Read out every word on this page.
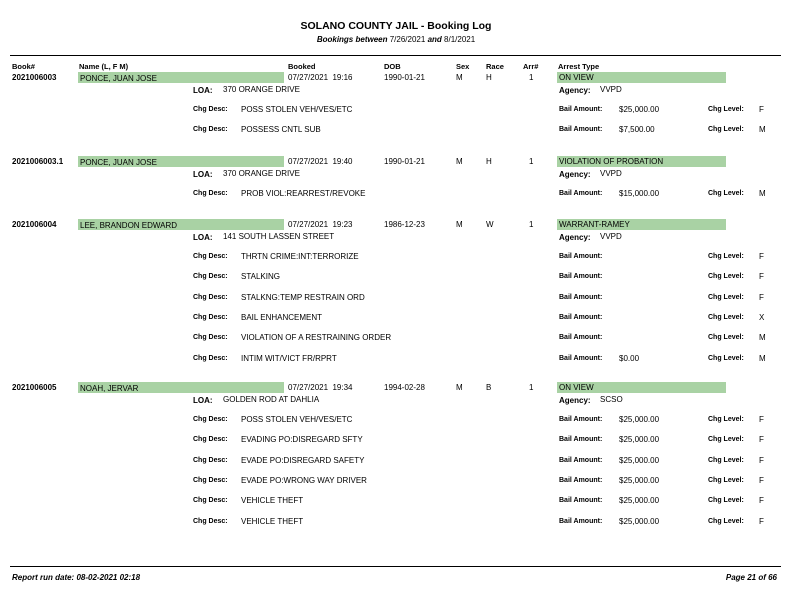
SOLANO COUNTY JAIL - Booking Log
Bookings between 7/26/2021 and 8/1/2021
Book#	Name (L, F M)	Booked	DOB	Sex Race	Arr#	Arrest Type
2021006003	PONCE, JUAN JOSE	07/27/2021  19:16	1990-01-21	M	H	1	ON VIEW
LOA: 370 ORANGE DRIVE	Agency: VVPD
Chg Desc: POSS STOLEN VEH/VES/ETC	Bail Amount: $25,000.00	Chg Level: F
Chg Desc: POSSESS CNTL SUB	Bail Amount: $7,500.00	Chg Level: M
2021006003.1 PONCE, JUAN JOSE	07/27/2021  19:40	1990-01-21	M	H	1	VIOLATION OF PROBATION
LOA: 370 ORANGE DRIVE	Agency: VVPD
Chg Desc: PROB VIOL:REARREST/REVOKE	Bail Amount: $15,000.00	Chg Level: M
2021006004	LEE, BRANDON EDWARD	07/27/2021  19:23	1986-12-23	M	W	1	WARRANT-RAMEY
LOA: 141 SOUTH LASSEN STREET	Agency: VVPD
Chg Desc: THRTN CRIME:INT:TERRORIZE	Bail Amount:	Chg Level: F
Chg Desc: STALKING	Bail Amount:	Chg Level: F
Chg Desc: STALKNG:TEMP RESTRAIN ORD	Bail Amount:	Chg Level: F
Chg Desc: BAIL ENHANCEMENT	Bail Amount:	Chg Level: X
Chg Desc: VIOLATION OF A RESTRAINING ORDER	Bail Amount:	Chg Level: M
Chg Desc: INTIM WIT/VICT FR/RPRT	Bail Amount: $0.00	Chg Level: M
2021006005	NOAH, JERVAR	07/27/2021  19:34	1994-02-28	M	B	1	ON VIEW
LOA: GOLDEN ROD AT DAHLIA	Agency: SCSO
Chg Desc: POSS STOLEN VEH/VES/ETC	Bail Amount: $25,000.00	Chg Level: F
Chg Desc: EVADING PO:DISREGARD SFTY	Bail Amount: $25,000.00	Chg Level: F
Chg Desc: EVADE PO:DISREGARD SAFETY	Bail Amount: $25,000.00	Chg Level: F
Chg Desc: EVADE PO:WRONG WAY DRIVER	Bail Amount: $25,000.00	Chg Level: F
Chg Desc: VEHICLE THEFT	Bail Amount: $25,000.00	Chg Level: F
Chg Desc: VEHICLE THEFT	Bail Amount: $25,000.00	Chg Level: F
Report run date: 08-02-2021 02:18	Page 21 of 66
